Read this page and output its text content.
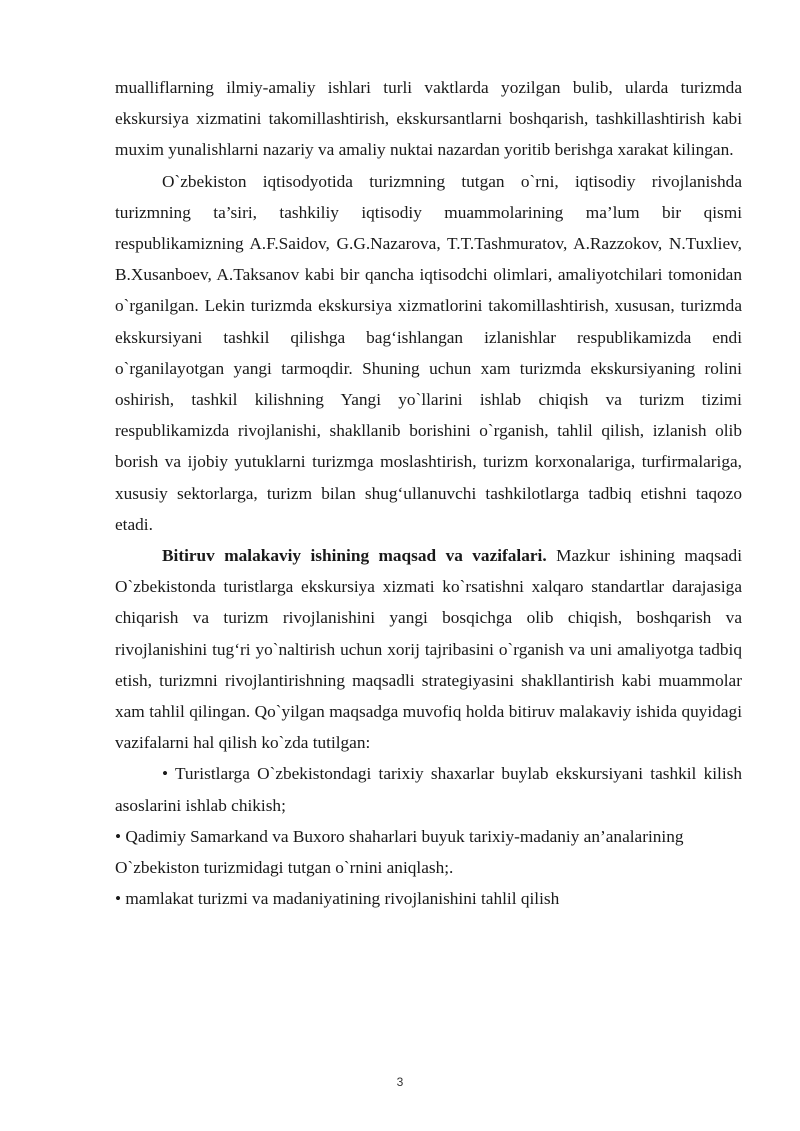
mualliflarning ilmiy-amaliy ishlari turli vaktlarda yozilgan bulib, ularda turizmda ekskursiya xizmatini takomillashtirish, ekskursantlarni boshqarish, tashkillashtirish kabi muxim yunalishlarni nazariy va amaliy nuktai nazardan yoritib berishga xarakat kilingan.

O`zbekiston iqtisodyotida turizmning tutgan o`rni, iqtisodiy rivojlanishda turizmning ta’siri, tashkiliy iqtisodiy muammolarining ma’lum bir qismi respublikamizning A.F.Saidov, G.G.Nazarova, T.T.Tashmuratov, A.Razzokov, N.Tuxliev, B.Xusanboev, A.Taksanov kabi bir qancha iqtisodchi olimlari, amaliyotchilari tomonidan o`rganilgan. Lekin turizmda ekskursiya xizmatlorini takomillashtirish, xususan, turizmda ekskursiyani tashkil qilishga bag‘ishlangan izlanishlar respublikamizda endi o`rganilayotgan yangi tarmoqdir. Shuning uchun xam turizmda ekskursiyaning rolini oshirish, tashkil kilishning Yangi yo`llarini ishlab chiqish va turizm tizimi respublikamizda rivojlanishi, shakllanib borishini o`rganish, tahlil qilish, izlanish olib borish va ijobiy yutuklarni turizmga moslashtirish, turizm korxonalariga, turfirmalariga, xususiy sektorlarga, turizm bilan shug‘ullanuvchi tashkilotlarga tadbiq etishni taqozo etadi.

Bitiruv malakaviy ishining maqsad va vazifalari. Mazkur ishining maqsadi O`zbekistonda turistlarga ekskursiya xizmati ko`rsatishni xalqaro standartlar darajasiga chiqarish va turizm rivojlanishini yangi bosqichga olib chiqish, boshqarish va rivojlanishini tug‘ri yo`naltirish uchun xorij tajribasini o`rganish va uni amaliyotga tadbiq etish, turizmni rivojlantirishning maqsadli strategiyasini shakllantirish kabi muammolar xam tahlil qilingan. Qo`yilgan maqsadga muvofiq holda bitiruv malakaviy ishida quyidagi vazifalarni hal qilish ko`zda tutilgan:

• Turistlarga O`zbekistondagi tarixiy shaxarlar buylab ekskursiyani tashkil kilish asoslarini ishlab chikish;

• Qadimiy Samarkand va Buxoro shaharlari buyuk tarixiy-madaniy an’analarining O`zbekiston turizmidagi tutgan o`rnini aniqlash;.

• mamlakat turizmi va madaniyatining rivojlanishini tahlil qilish

3
